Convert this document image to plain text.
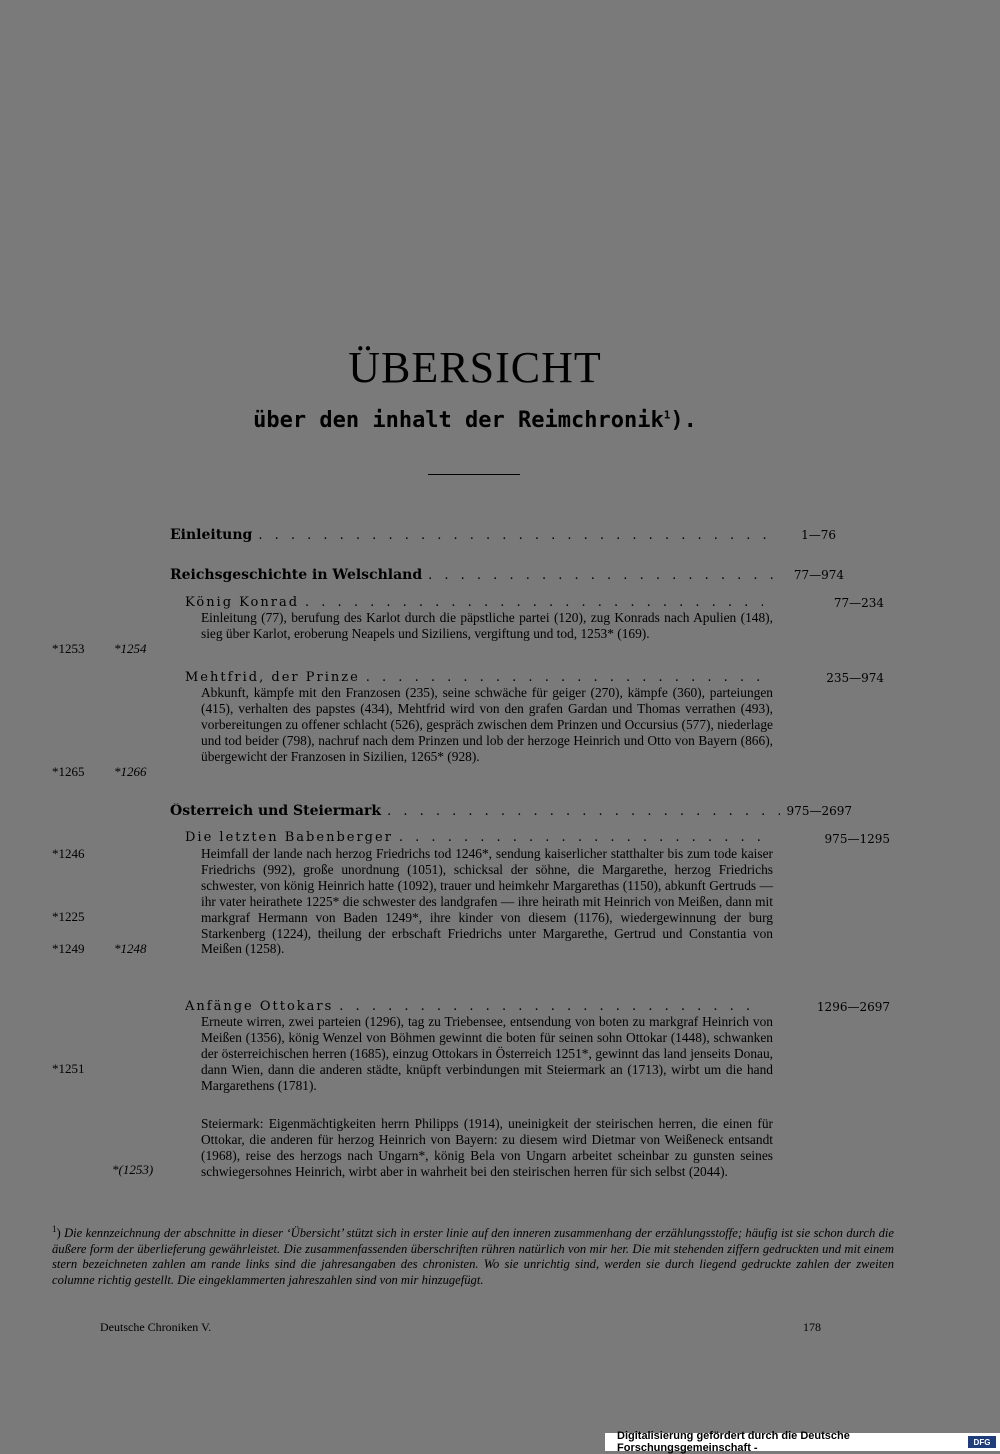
ÜBERSICHT
über den inhalt der Reimchronik$^1$).
Einleitung . . .	1—76
Reichsgeschichte in Welschland . . .	77—974
König Konrad . . .	77—234
Einleitung (77), berufung des Karlot durch die päpstliche partei (120), zug Konrads nach Apulien (148), sieg über Karlot, eroberung Neapels und Siziliens, vergiftung und tod, 1253* (169).
*1253 *1254
Mehtfrid, der Prinze . . .	235—974
Abkunft, kämpfe mit den Franzosen (235), seine schwäche für geiger (270), kämpfe (360), parteiungen (415), verhalten des papstes (434), Mehtfrid wird von den grafen Gardan und Thomas verrathen (493), vorbereitungen zu offener schlacht (526), gespräch zwischen dem Prinzen und Occursius (577), niederlage und tod beider (798), nachruf nach dem Prinzen und lob der herzoge Heinrich und Otto von Bayern (866), übergewicht der Franzosen in Sizilien, 1265* (928).
*1265 *1266
Österreich und Steiermark . . .	975—2697
Die letzten Babenberger . . .	975—1295
Heimfall der lande nach herzog Friedrichs tod 1246*, sendung kaiserlicher statthalter bis zum tode kaiser Friedrichs (992), große unordnung (1051), schicksal der söhne, die Margarethe, herzog Friedrichs schwester, von könig Heinrich hatte (1092), trauer und heimkehr Margarethas (1150), abkunft Gertruds — ihr vater heirathete 1225* die schwester des landgrafen — ihre heirath mit Heinrich von Meißen, dann mit markgraf Hermann von Baden 1249*, ihre kinder von diesem (1176), wiedergewinnung der burg Starkenberg (1224), theilung der erbschaft Friedrichs unter Margarethe, Gertrud und Constantia von Meißen (1258).
*1246
*1225
*1249 *1248
Anfänge Ottokars . . .	1296—2697
Erneute wirren, zwei parteien (1296), tag zu Triebensee, entsendung von boten zu markgraf Heinrich von Meißen (1356), könig Wenzel von Böhmen gewinnt die boten für seinen sohn Ottokar (1448), schwanken der österreichischen herren (1685), einzug Ottokars in Österreich 1251*, gewinnt das land jenseits Donau, dann Wien, dann die anderen städte, knüpft verbindungen mit Steiermark an (1713), wirbt um die hand Margarethens (1781).
*1251
Steiermark: Eigenmächtigkeiten herrn Philipps (1914), uneinigkeit der steirischen herren, die einen für Ottokar, die anderen für herzog Heinrich von Bayern: zu diesem wird Dietmar von Weißeneck entsandt (1968), reise des herzogs nach Ungarn*, könig Bela von Ungarn arbeitet scheinbar zu gunsten seines schwiegersohnes Heinrich, wirbt aber in wahrheit bei den steirischen herren für sich selbst (2044).
*(1253)
$^1$) Die kennzeichnung der abschnitte in dieser ‘Übersicht’ stützt sich in erster linie auf den inneren zusammenhang der erzählungsstoffe; häufig ist sie schon durch die äußere form der überlieferung gewährleistet. Die zusammenfassenden überschriften rühren natürlich von mir her. Die mit stehenden ziffern gedruckten und mit einem stern bezeichneten zahlen am rande links sind die jahresangaben des chronisten. Wo sie unrichtig sind, werden sie durch liegend gedruckte zahlen der zweiten columne richtig gestellt. Die eingeklammerten jahreszahlen sind von mir hinzugefügt.
Deutsche Chroniken V.	178
Digitalisierung gefördert durch die Deutsche Forschungsgemeinschaft -	DFG
